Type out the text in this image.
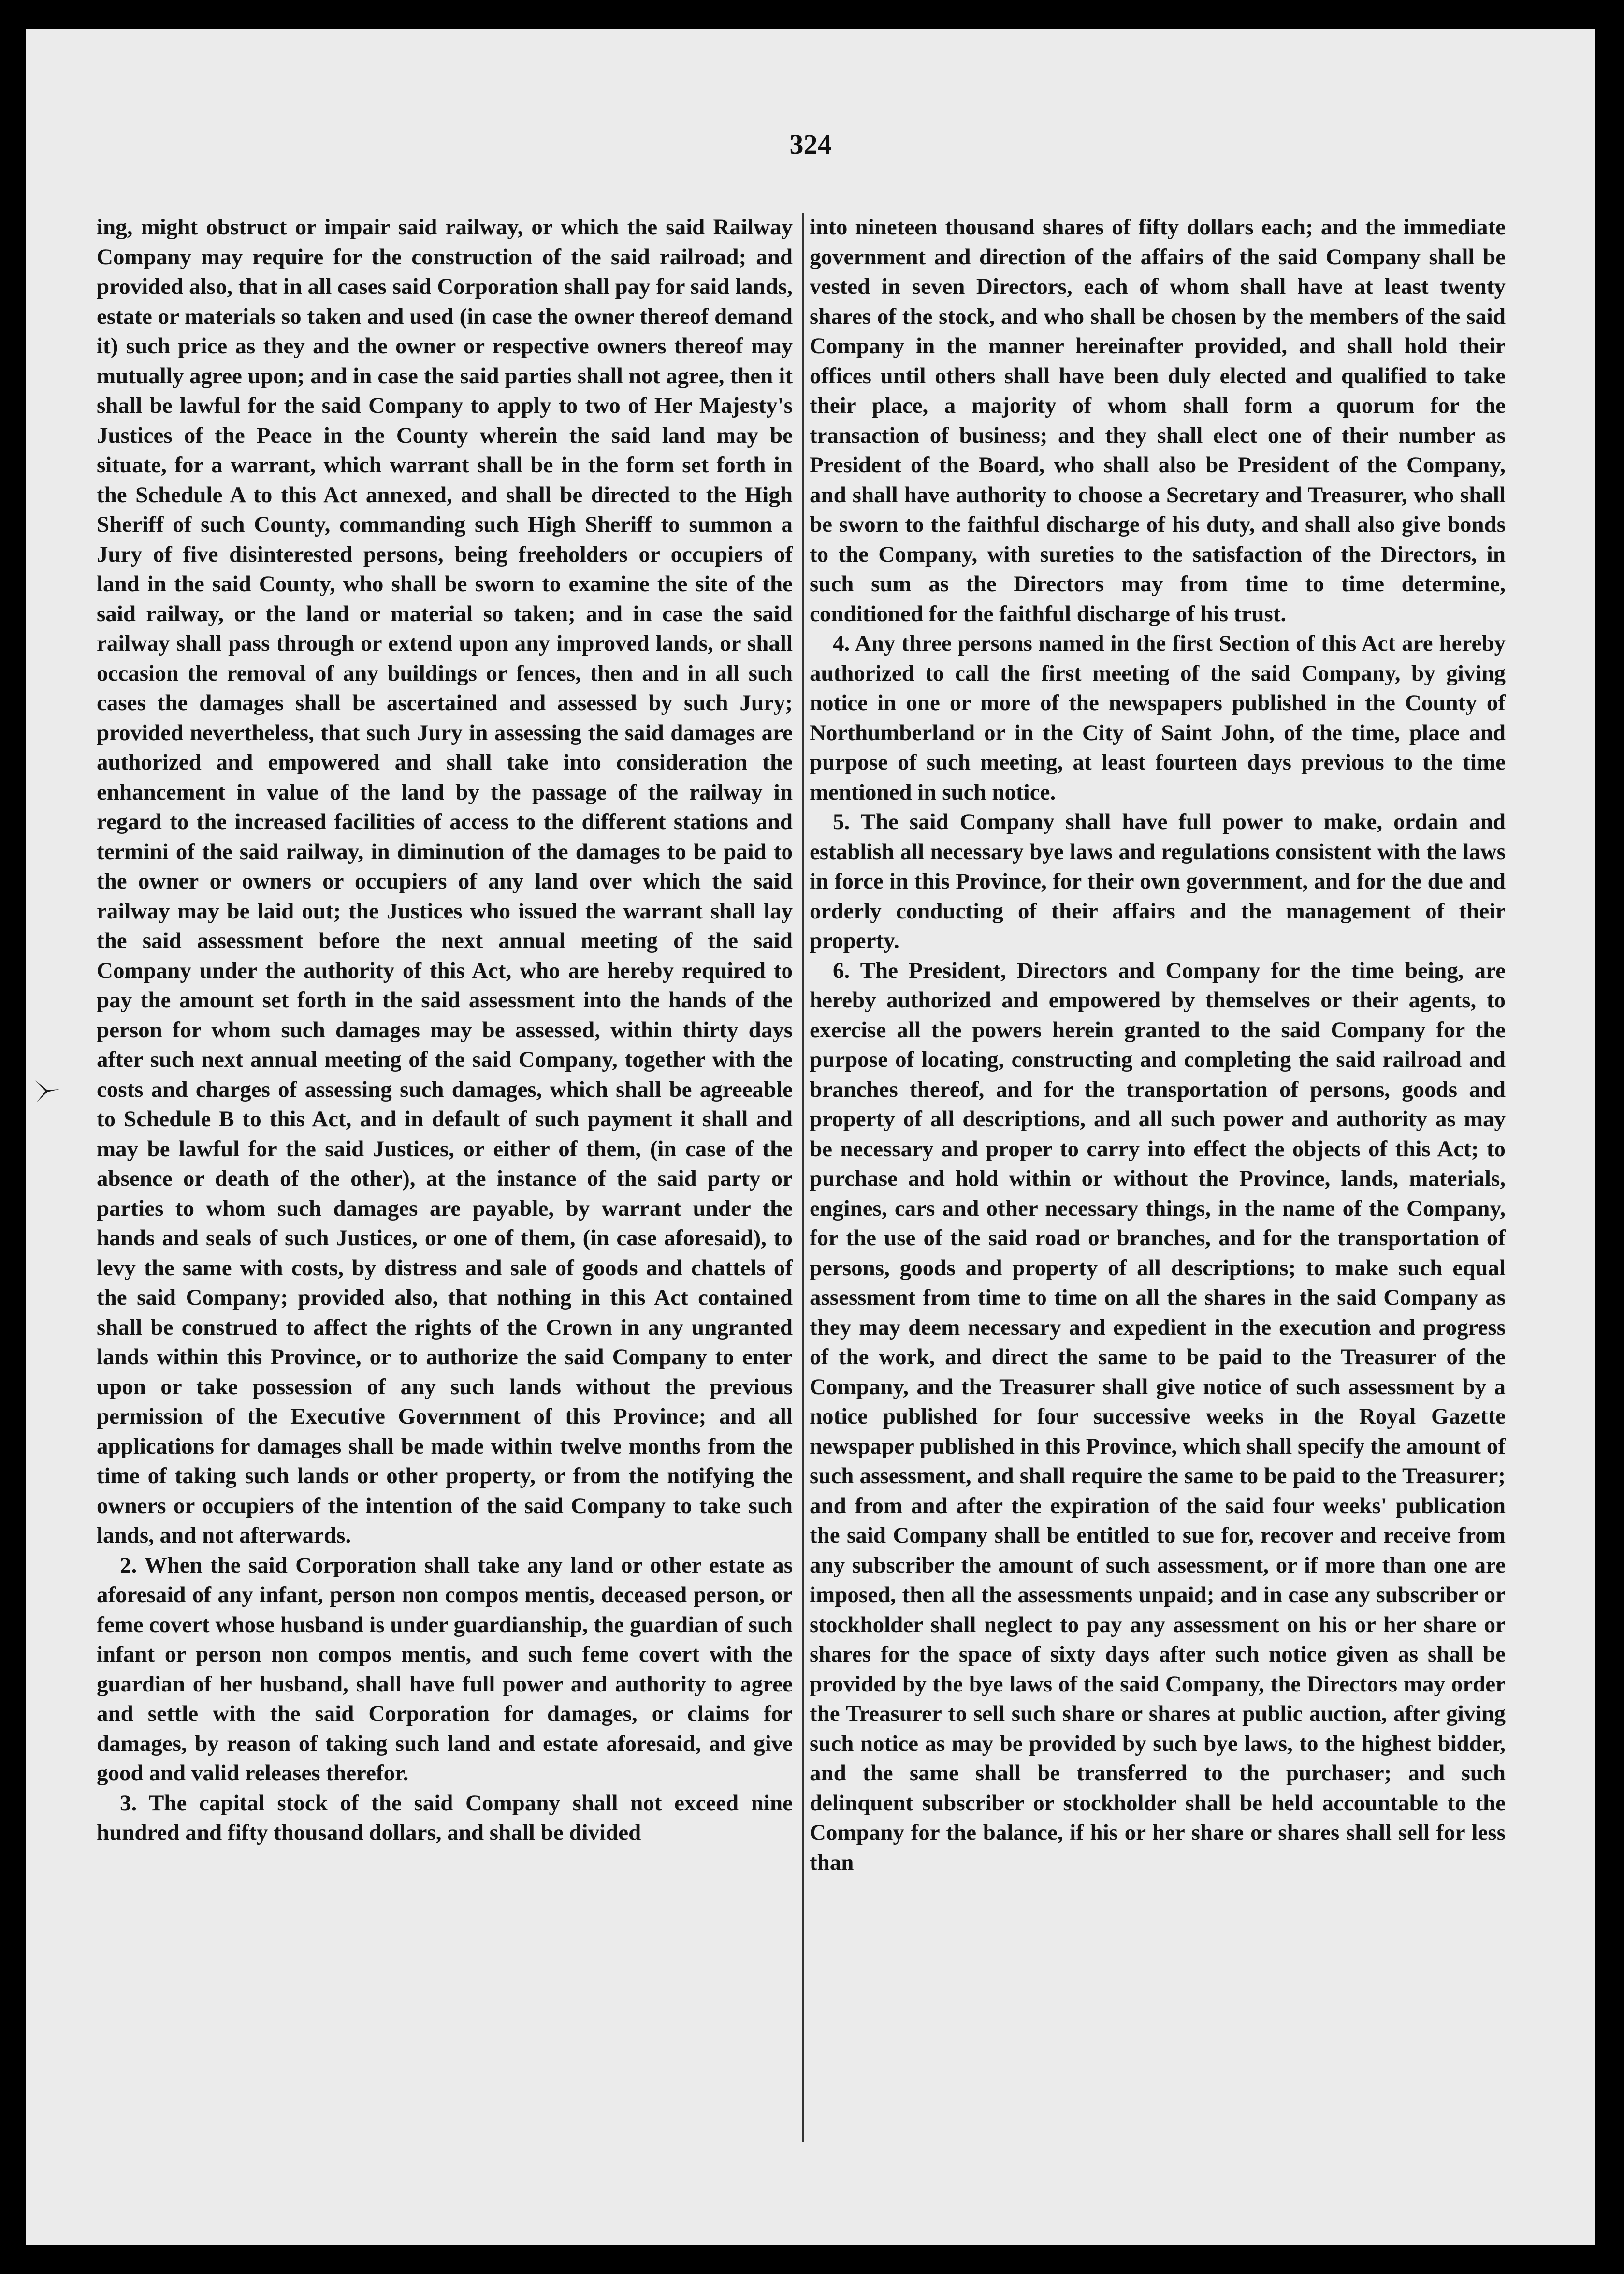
324

ing, might obstruct or impair said railway, or which the said Railway Company may require for the construction of the said railroad; and provided also, that in all cases said Corporation shall pay for said lands, estate or materials so taken and used (in case the owner thereof demand it) such price as they and the owner or respective owners thereof may mutually agree upon; and in case the said parties shall not agree, then it shall be lawful for the said Company to apply to two of Her Majesty's Justices of the Peace in the County wherein the said land may be situate, for a warrant, which warrant shall be in the form set forth in the Schedule A to this Act annexed, and shall be directed to the High Sheriff of such County, commanding such High Sheriff to summon a Jury of five disinterested persons, being freeholders or occupiers of land in the said County, who shall be sworn to examine the site of the said railway, or the land or material so taken; and in case the said railway shall pass through or extend upon any improved lands, or shall occasion the removal of any buildings or fences, then and in all such cases the damages shall be ascertained and assessed by such Jury; provided nevertheless, that such Jury in assessing the said damages are authorized and empowered and shall take into consideration the enhancement in value of the land by the passage of the railway in regard to the increased facilities of access to the different stations and termini of the said railway, in diminution of the damages to be paid to the owner or owners or occupiers of any land over which the said railway may be laid out; the Justices who issued the warrant shall lay the said assessment before the next annual meeting of the said Company under the authority of this Act, who are hereby required to pay the amount set forth in the said assessment into the hands of the person for whom such damages may be assessed, within thirty days after such next annual meeting of the said Company, together with the costs and charges of assessing such damages, which shall be agreeable to Schedule B to this Act, and in default of such payment it shall and may be lawful for the said Justices, or either of them, (in case of the absence or death of the other), at the instance of the said party or parties to whom such damages are payable, by warrant under the hands and seals of such Justices, or one of them, (in case aforesaid), to levy the same with costs, by distress and sale of goods and chattels of the said Company; provided also, that nothing in this Act contained shall be construed to affect the rights of the Crown in any ungranted lands within this Province, or to authorize the said Company to enter upon or take possession of any such lands without the previous permission of the Executive Government of this Province; and all applications for damages shall be made within twelve months from the time of taking such lands or other property, or from the notifying the owners or occupiers of the intention of the said Company to take such lands, and not afterwards.

2. When the said Corporation shall take any land or other estate as aforesaid of any infant, person non compos mentis, deceased person, or feme covert whose husband is under guardianship, the guardian of such infant or person non compos mentis, and such feme covert with the guardian of her husband, shall have full power and authority to agree and settle with the said Corporation for damages, or claims for damages, by reason of taking such land and estate aforesaid, and give good and valid releases therefor.

3. The capital stock of the said Company shall not exceed nine hundred and fifty thousand dollars, and shall be divided

into nineteen thousand shares of fifty dollars each; and the immediate government and direction of the affairs of the said Company shall be vested in seven Directors, each of whom shall have at least twenty shares of the stock, and who shall be chosen by the members of the said Company in the manner hereinafter provided, and shall hold their offices until others shall have been duly elected and qualified to take their place, a majority of whom shall form a quorum for the transaction of business; and they shall elect one of their number as President of the Board, who shall also be President of the Company, and shall have authority to choose a Secretary and Treasurer, who shall be sworn to the faithful discharge of his duty, and shall also give bonds to the Company, with sureties to the satisfaction of the Directors, in such sum as the Directors may from time to time determine, conditioned for the faithful discharge of his trust.

4. Any three persons named in the first Section of this Act are hereby authorized to call the first meeting of the said Company, by giving notice in one or more of the newspapers published in the County of Northumberland or in the City of Saint John, of the time, place and purpose of such meeting, at least fourteen days previous to the time mentioned in such notice.

5. The said Company shall have full power to make, ordain and establish all necessary bye laws and regulations consistent with the laws in force in this Province, for their own government, and for the due and orderly conducting of their affairs and the management of their property.

6. The President, Directors and Company for the time being, are hereby authorized and empowered by themselves or their agents, to exercise all the powers herein granted to the said Company for the purpose of locating, constructing and completing the said railroad and branches thereof, and for the transportation of persons, goods and property of all descriptions, and all such power and authority as may be necessary and proper to carry into effect the objects of this Act; to purchase and hold within or without the Province, lands, materials, engines, cars and other necessary things, in the name of the Company, for the use of the said road or branches, and for the transportation of persons, goods and property of all descriptions; to make such equal assessment from time to time on all the shares in the said Company as they may deem necessary and expedient in the execution and progress of the work, and direct the same to be paid to the Treasurer of the Company, and the Treasurer shall give notice of such assessment by a notice published for four successive weeks in the Royal Gazette newspaper published in this Province, which shall specify the amount of such assessment, and shall require the same to be paid to the Treasurer; and from and after the expiration of the said four weeks' publication the said Company shall be entitled to sue for, recover and receive from any subscriber the amount of such assessment, or if more than one are imposed, then all the assessments unpaid; and in case any subscriber or stockholder shall neglect to pay any assessment on his or her share or shares for the space of sixty days after such notice given as shall be provided by the bye laws of the said Company, the Directors may order the Treasurer to sell such share or shares at public auction, after giving such notice as may be provided by such bye laws, to the highest bidder, and the same shall be transferred to the purchaser; and such delinquent subscriber or stockholder shall be held accountable to the Company for the balance, if his or her share or shares shall sell for less than
